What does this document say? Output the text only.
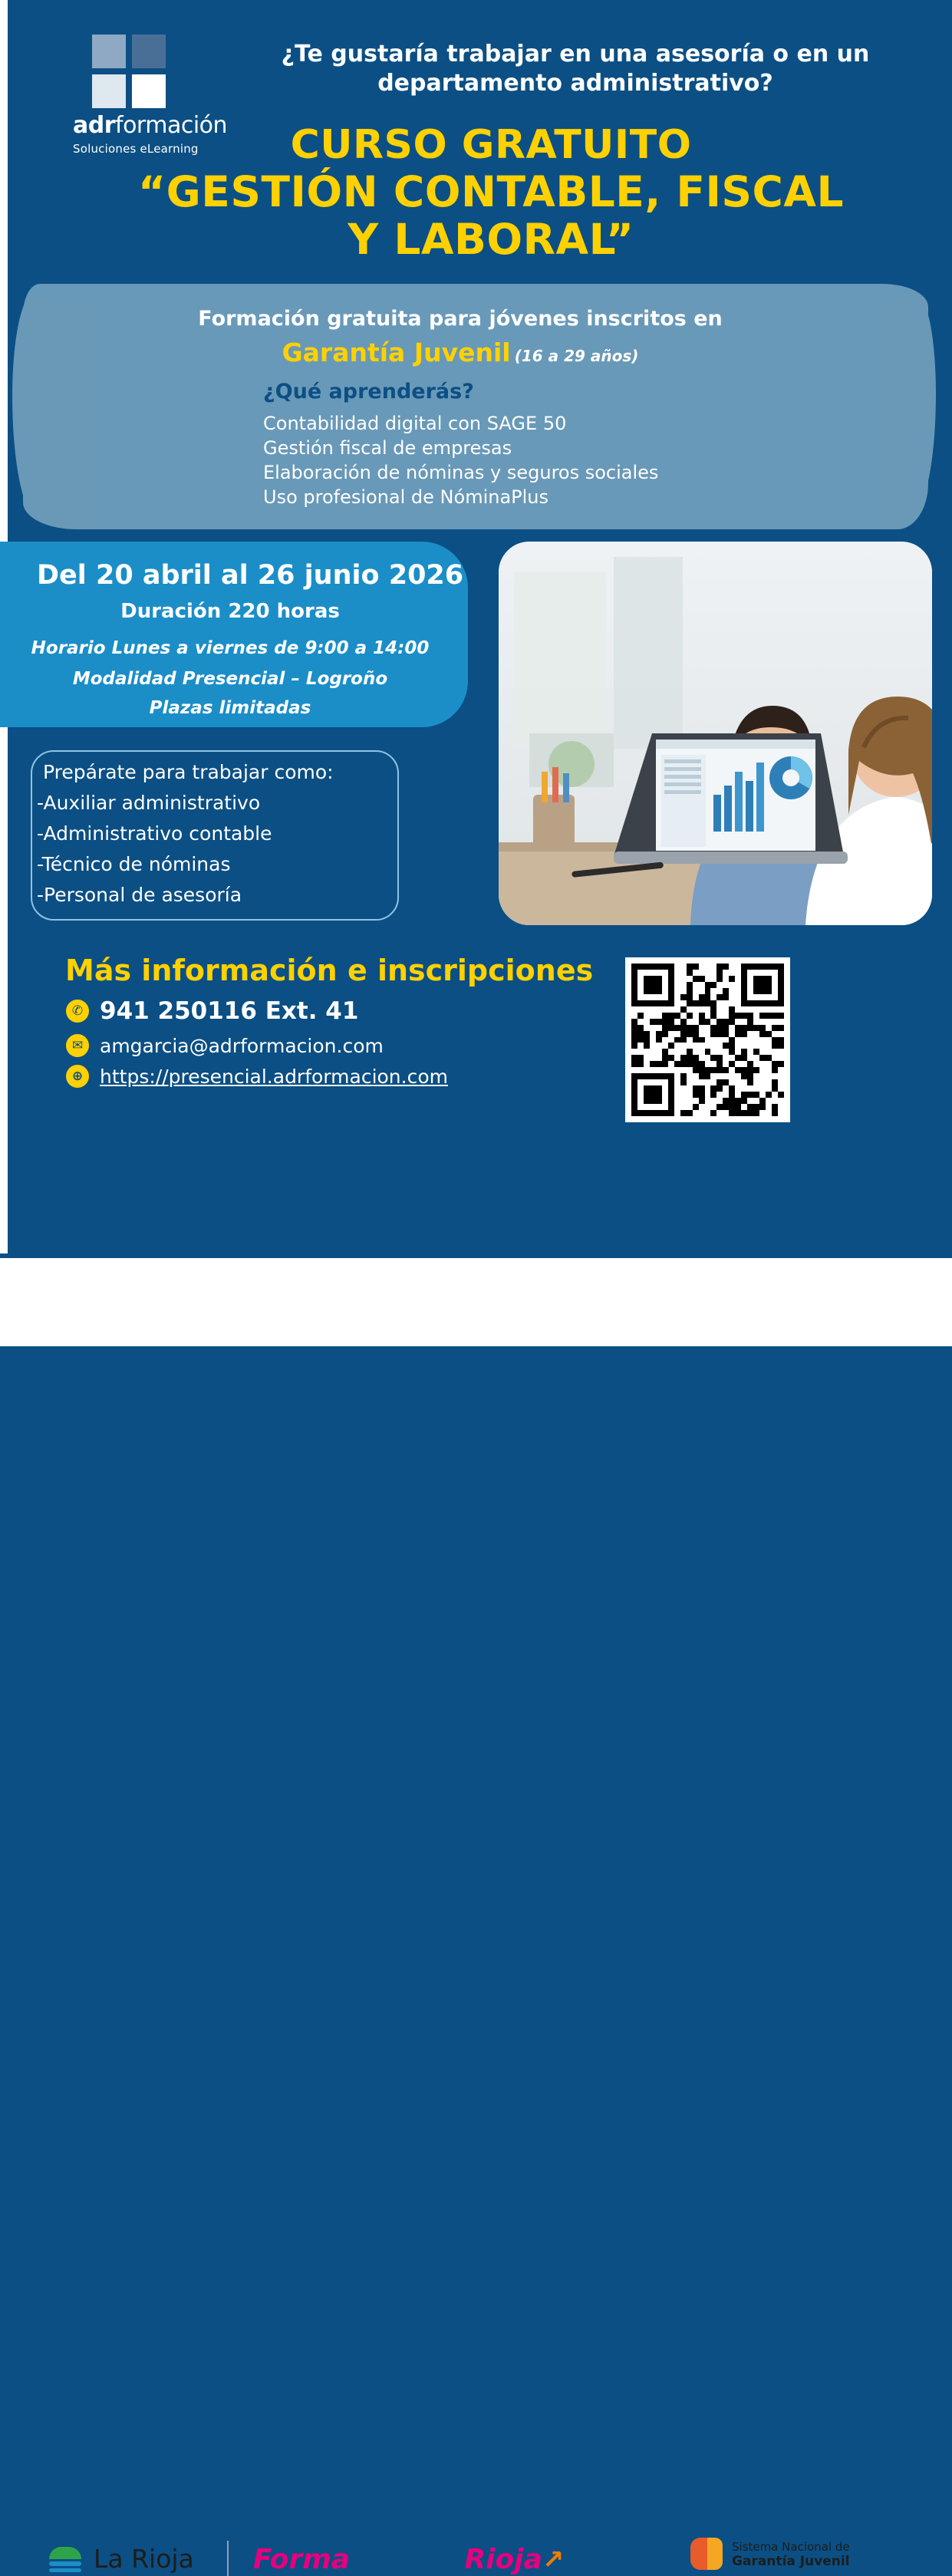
adrformación
Soluciones eLearning
¿Te gustaría trabajar en una asesoría o en un
departamento administrativo?
CURSO GRATUITO
“GESTIÓN CONTABLE, FISCAL
Y LABORAL”
Formación gratuita para jóvenes inscritos en
Garantía Juvenil (16 a 29 años)
¿Qué aprenderás?
Contabilidad digital con SAGE 50
Gestión fiscal de empresas
Elaboración de nóminas y seguros sociales
Uso profesional de NóminaPlus
Del 20 abril al 26 junio 2026
Duración 220 horas
Horario Lunes a viernes de 9:00 a 14:00
Modalidad Presencial – Logroño
Plazas limitadas
Prepárate para trabajar como:
-Auxiliar administrativo
-Administrativo contable
-Técnico de nóminas
-Personal de asesoría
Más información e inscripciones
✆ 941 250116 Ext. 41
✉ amgarcia@adrformacion.com
⊕ https://presencial.adrformacion.com
La Rioja FormaEmpleoRioja↗	Sistema Nacional de
Garantía Juvenil
